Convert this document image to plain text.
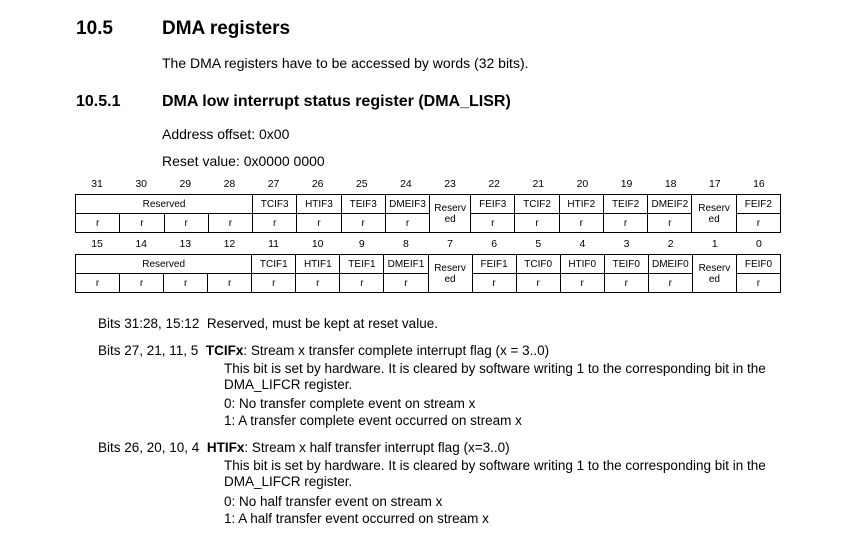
10.5	DMA registers
The DMA registers have to be accessed by words (32 bits).
10.5.1	DMA low interrupt status register (DMA_LISR)
Address offset: 0x00
Reset value: 0x0000 0000
31	30	29	28	27	26	25	24	23	22	21	20	19	18	17	16
Reserved				TCIF3	HTIF3	TEIF3	DMEIF3	Reserv ed	FEIF3	TCIF2	HTIF2	TEIF2	DMEIF2	Reserv ed	FEIF2
r	r	r	r	r	r	r	r		r	r	r	r	r		r
15	14	13	12	11	10	9	8	7	6	5	4	3	2	1	0
Reserved				TCIF1	HTIF1	TEIF1	DMEIF1	Reserv ed	FEIF1	TCIF0	HTIF0	TEIF0	DMEIF0	Reserv ed	FEIF0
r	r	r	r	r	r	r	r		r	r	r	r	r		r
Bits 31:28, 15:12 Reserved, must be kept at reset value.
Bits 27, 21, 11, 5 TCIFx: Stream x transfer complete interrupt flag (x = 3..0)
This bit is set by hardware. It is cleared by software writing 1 to the corresponding bit in the DMA_LIFCR register.
0: No transfer complete event on stream x
1: A transfer complete event occurred on stream x
Bits 26, 20, 10, 4 HTIFx: Stream x half transfer interrupt flag (x=3..0)
This bit is set by hardware. It is cleared by software writing 1 to the corresponding bit in the DMA_LIFCR register.
0: No half transfer event on stream x
1: A half transfer event occurred on stream x
